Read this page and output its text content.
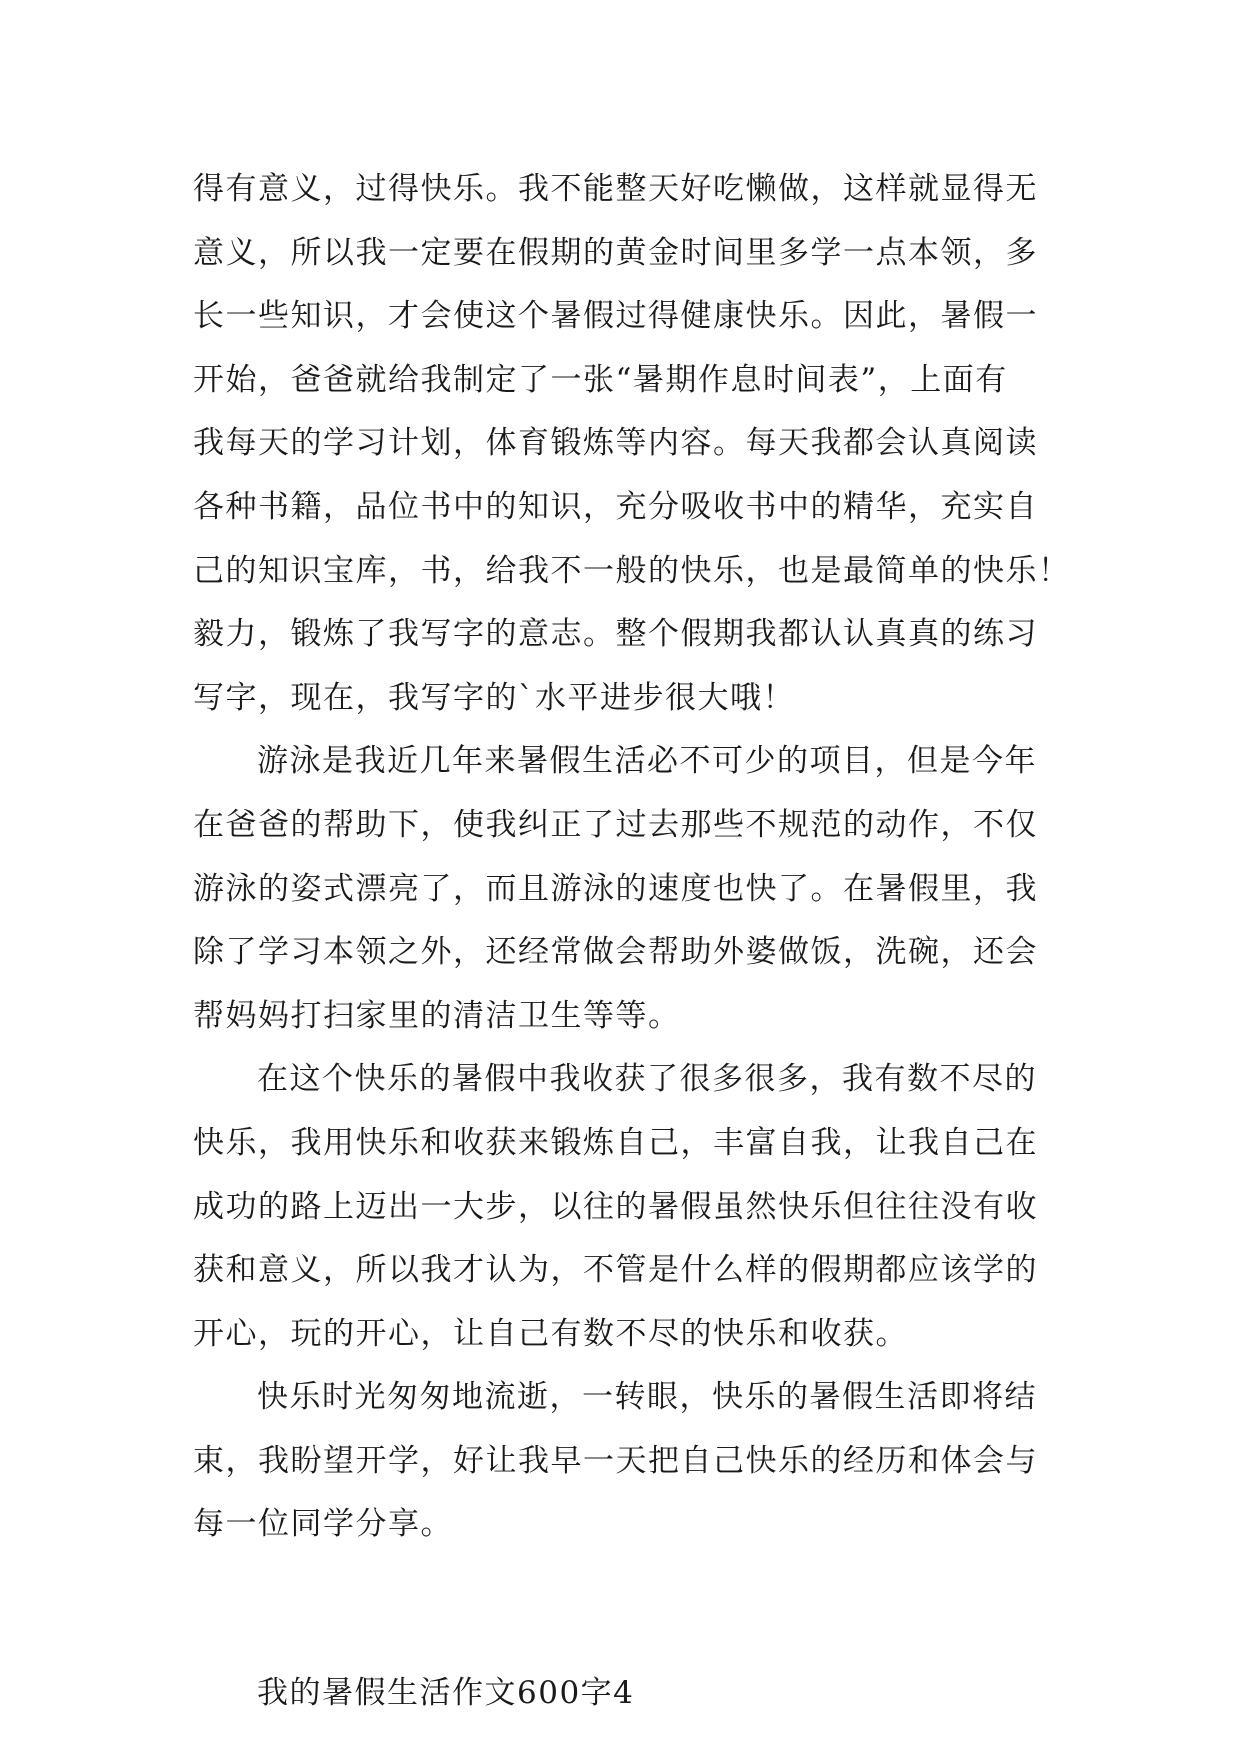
得有意义，过得快乐。我不能整天好吃懒做，这样就显得无
意义，所以我一定要在假期的黄金时间里多学一点本领，多
长一些知识，才会使这个暑假过得健康快乐。因此，暑假一
开始，爸爸就给我制定了一张“暑期作息时间表”，上面有
我每天的学习计划，体育锻炼等内容。每天我都会认真阅读
各种书籍，品位书中的知识，充分吸收书中的精华，充实自
己的知识宝库，书，给我不一般的快乐，也是最简单的快乐！
毅力，锻炼了我写字的意志。整个假期我都认认真真的练习
写字，现在，我写字的`水平进步很大哦！
游泳是我近几年来暑假生活必不可少的项目，但是今年
在爸爸的帮助下，使我纠正了过去那些不规范的动作，不仅
游泳的姿式漂亮了，而且游泳的速度也快了。在暑假里，我
除了学习本领之外，还经常做会帮助外婆做饭，洗碗，还会
帮妈妈打扫家里的清洁卫生等等。
在这个快乐的暑假中我收获了很多很多，我有数不尽的
快乐，我用快乐和收获来锻炼自己，丰富自我，让我自己在
成功的路上迈出一大步，以往的暑假虽然快乐但往往没有收
获和意义，所以我才认为，不管是什么样的假期都应该学的
开心，玩的开心，让自己有数不尽的快乐和收获。
快乐时光匆匆地流逝，一转眼，快乐的暑假生活即将结
束，我盼望开学，好让我早一天把自己快乐的经历和体会与
每一位同学分享。
我的暑假生活作文600字4
